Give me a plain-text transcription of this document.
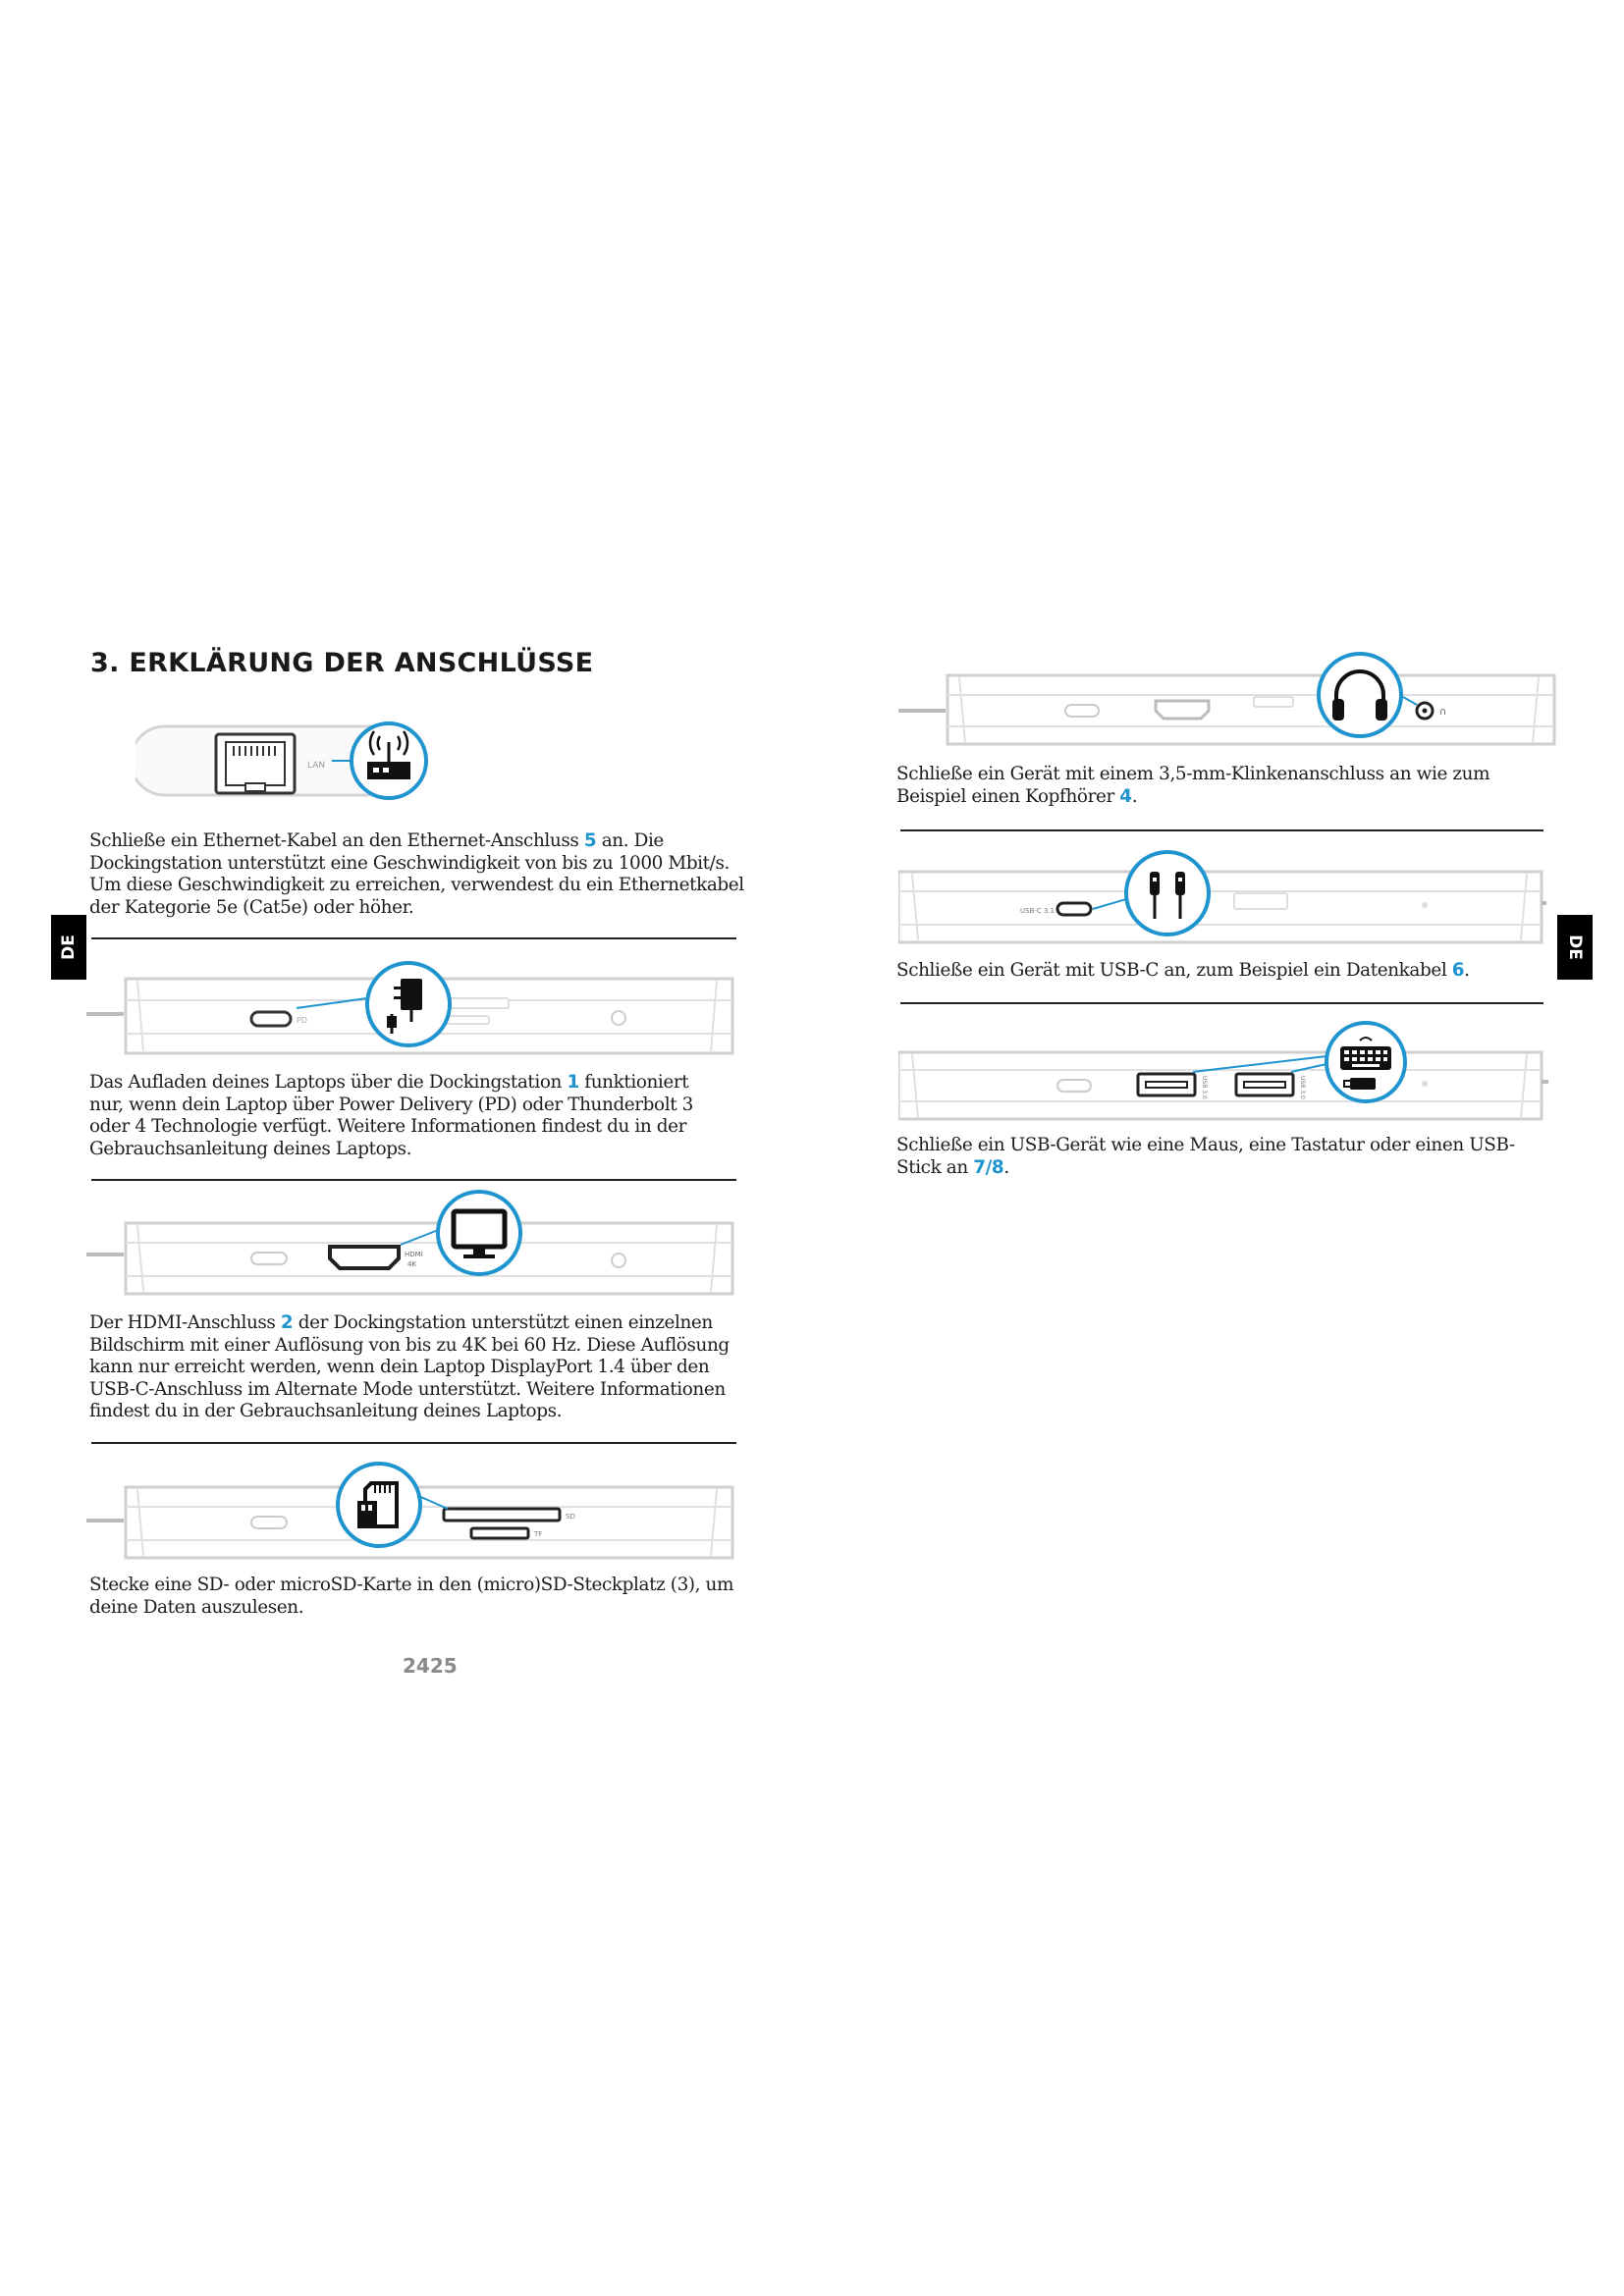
3. ERKLÄRUNG DER ANSCHLÜSSE
DE	DE
LAN
Schließe ein Ethernet-Kabel an den Ethernet-Anschluss 5 an. Die
Dockingstation unterstützt eine Geschwindigkeit von bis zu 1000 Mbit/s.
Um diese Geschwindigkeit zu erreichen, verwendest du ein Ethernetkabel
der Kategorie 5e (Cat5e) oder höher.
PD
Das Aufladen deines Laptops über die Dockingstation 1 funktioniert
nur, wenn dein Laptop über Power Delivery (PD) oder Thunderbolt 3
oder 4 Technologie verfügt. Weitere Informationen findest du in der
Gebrauchsanleitung deines Laptops.
HDMI
4K
Der HDMI-Anschluss 2 der Dockingstation unterstützt einen einzelnen
Bildschirm mit einer Auflösung von bis zu 4K bei 60 Hz. Diese Auflösung
kann nur erreicht werden, wenn dein Laptop DisplayPort 1.4 über den
USB-C-Anschluss im Alternate Mode unterstützt. Weitere Informationen
findest du in der Gebrauchsanleitung deines Laptops.
SD
TF
Stecke eine SD- oder microSD-Karte in den (micro)SD-Steckplatz (3), um
deine Daten auszulesen.
2425
∩
Schließe ein Gerät mit einem 3,5-mm-Klinkenanschluss an wie zum
Beispiel einen Kopfhörer 4.
USB-C 3.1
Schließe ein Gerät mit USB-C an, zum Beispiel ein Datenkabel 6.
USB 3.0	USB 3.0
Schließe ein USB-Gerät wie eine Maus, eine Tastatur oder einen USB-
Stick an 7/8.
